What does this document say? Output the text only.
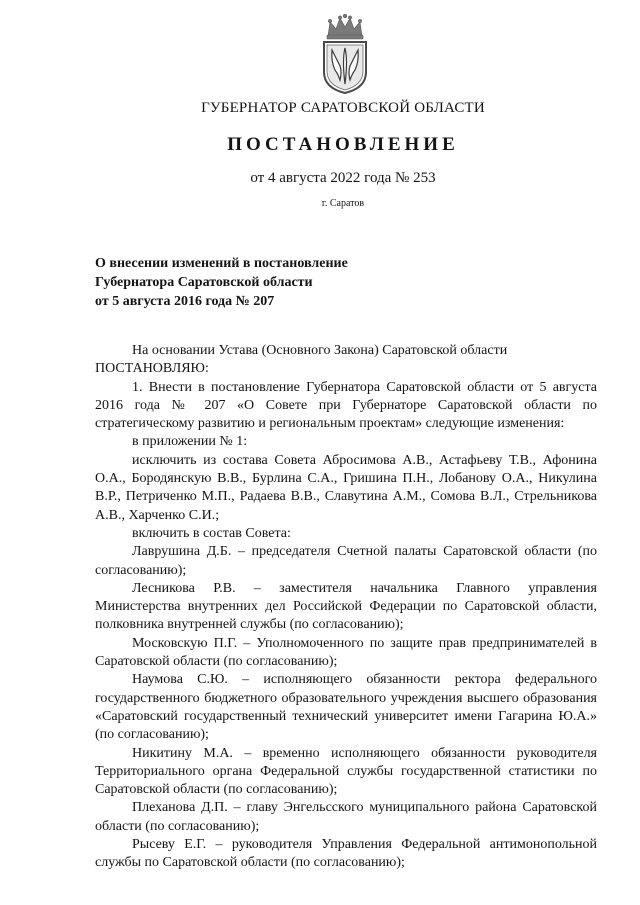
ГУБЕРНАТОР САРАТОВСКОЙ ОБЛАСТИ
ПОСТАНОВЛЕНИЕ
от 4 августа 2022 года № 253
г. Саратов
О внесении изменений в постановление
Губернатора Саратовской области
от 5 августа 2016 года № 207

На основании Устава (Основного Закона) Саратовской области

ПОСТАНОВЛЯЮ:

1. Внести в постановление Губернатора Саратовской области от 5 августа 2016 года № 207 «О Совете при Губернаторе Саратовской области по стратегическому развитию и региональным проектам» следующие изменения:

в приложении № 1:

исключить из состава Совета Абросимова А.В., Астафьеву Т.В., Афонина О.А., Бородянскую В.В., Бурлина С.А., Гришина П.Н., Лобанову О.А., Никулина В.Р., Петриченко М.П., Радаева В.В., Славутина А.М., Сомова В.Л., Стрельникова А.В., Харченко С.И.;

включить в состав Совета:

Лаврушина Д.Б. – председателя Счетной палаты Саратовской области (по согласованию);

Лесникова Р.В. – заместителя начальника Главного управления Министерства внутренних дел Российской Федерации по Саратовской области, полковника внутренней службы (по согласованию);

Московскую П.Г. – Уполномоченного по защите прав предпринимателей в Саратовской области (по согласованию);

Наумова С.Ю. – исполняющего обязанности ректора федерального государственного бюджетного образовательного учреждения высшего образования «Саратовский государственный технический университет имени Гагарина Ю.А.» (по согласованию);

Никитину М.А. – временно исполняющего обязанности руководителя Территориального органа Федеральной службы государственной статистики по Саратовской области (по согласованию);

Плеханова Д.П. – главу Энгельсского муниципального района Саратовской области (по согласованию);

Рысеву Е.Г. – руководителя Управления Федеральной антимонопольной службы по Саратовской области (по согласованию);
